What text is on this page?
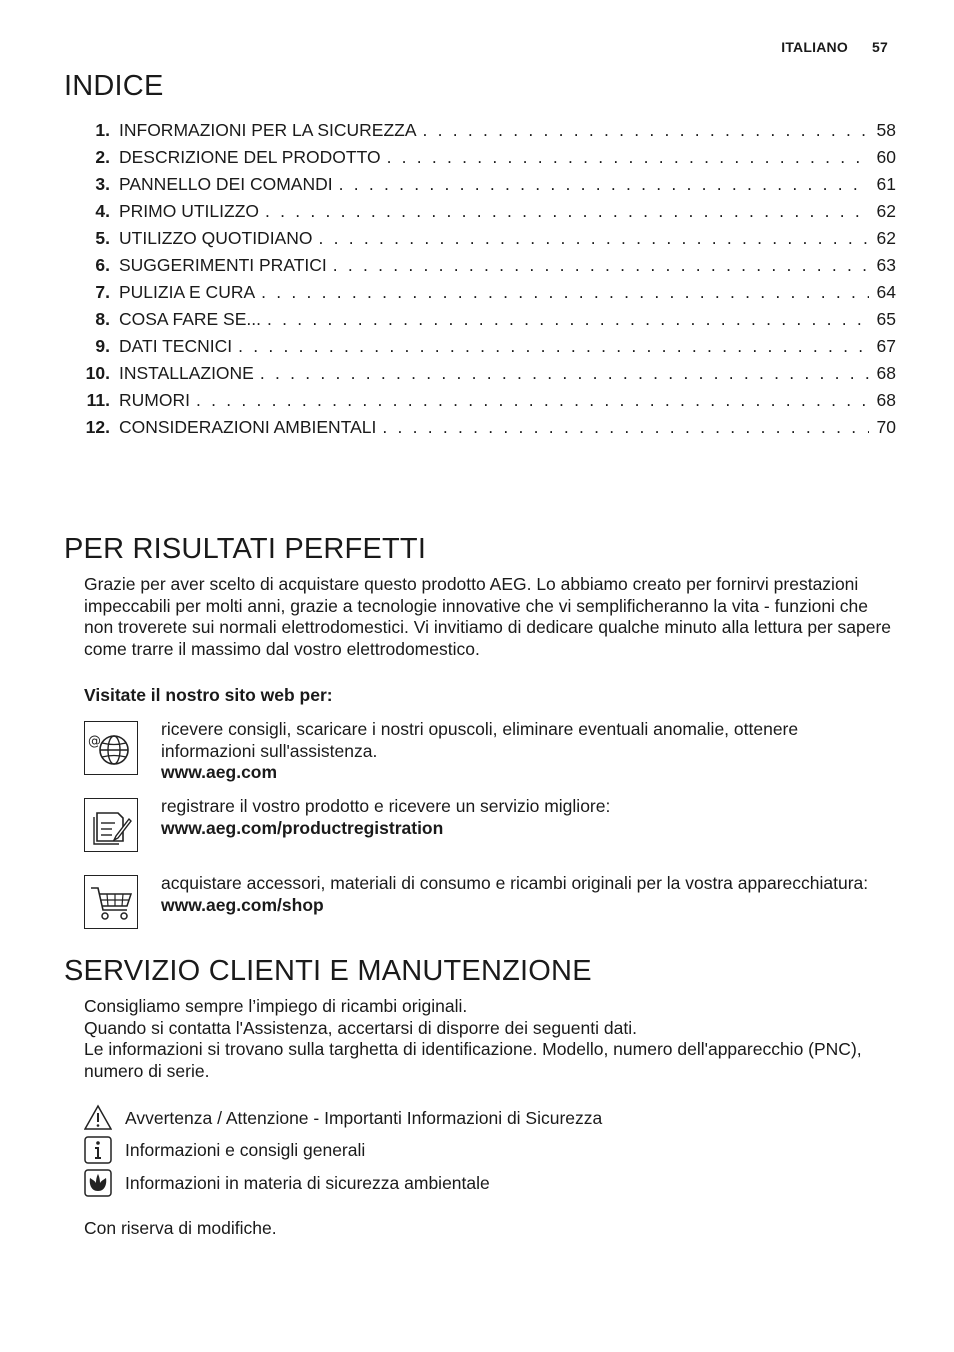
ITALIANO 57
INDICE
1. INFORMAZIONI PER LA SICUREZZA . . .	58
2. DESCRIZIONE DEL PRODOTTO . . .	60
3. PANNELLO DEI COMANDI . . .	61
4. PRIMO UTILIZZO . . .	62
5. UTILIZZO QUOTIDIANO . . .	62
6. SUGGERIMENTI PRATICI . . .	63
7. PULIZIA E CURA . . .	64
8. COSA FARE SE... . . .	65
9. DATI TECNICI . . .	67
10. INSTALLAZIONE . . .	68
11. RUMORI . . .	68
12. CONSIDERAZIONI AMBIENTALI . . .	70
PER RISULTATI PERFETTI
Grazie per aver scelto di acquistare questo prodotto AEG. Lo abbiamo creato per fornirvi prestazioni impeccabili per molti anni, grazie a tecnologie innovative che vi semplificheranno la vita - funzioni che non troverete sui normali elettrodomestici. Vi invitiamo di dedicare qualche minuto alla lettura per sapere come trarre il massimo dal vostro elettrodomestico.
Visitate il nostro sito web per:
@
ricevere consigli, scaricare i nostri opuscoli, eliminare eventuali anomalie, ottenere informazioni sull'assistenza.
www.aeg.com
registrare il vostro prodotto e ricevere un servizio migliore:
www.aeg.com/productregistration
acquistare accessori, materiali di consumo e ricambi originali per la vostra apparecchiatura:
www.aeg.com/shop
SERVIZIO CLIENTI E MANUTENZIONE
Consigliamo sempre l’impiego di ricambi originali.
Quando si contatta l'Assistenza, accertarsi di disporre dei seguenti dati.
Le informazioni si trovano sulla targhetta di identificazione. Modello, numero dell'apparecchio (PNC), numero di serie.
Avvertenza / Attenzione - Importanti Informazioni di Sicurezza
Informazioni e consigli generali
Informazioni in materia di sicurezza ambientale
Con riserva di modifiche.
